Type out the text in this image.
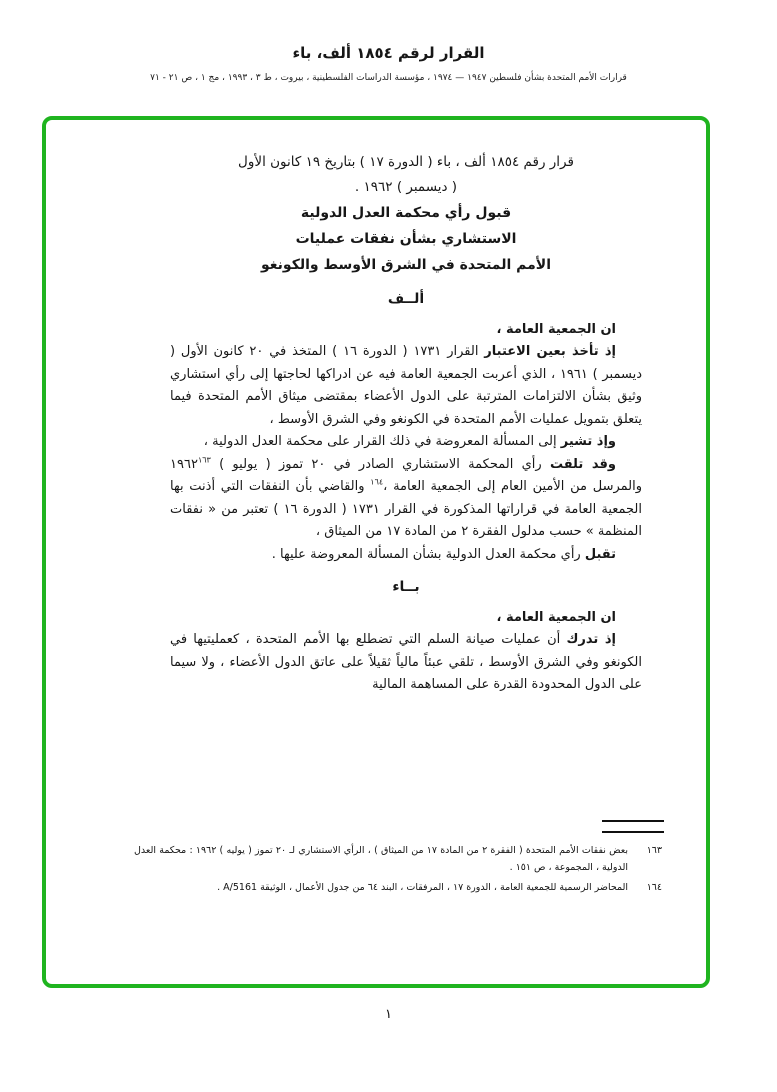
القرار لرقم ١٨٥٤ ألف، باء
قرارات الأمم المتحدة بشأن فلسطين ١٩٤٧ — ١٩٧٤ ، مؤسسة الدراسات الفلسطينية ، بيروت ، ط ٣ ، ١٩٩٣ ، مج ١ ، ص ٢١ - ٧١
قرار رقم ١٨٥٤ ألف ، باء ( الدورة ١٧ ) بتاريخ ١٩ كانون الأول
( ديسمبر ) ١٩٦٢ .
قبول رأي محكمة العدل الدولية
الاستشاري بشأن نفقات عمليات
الأمم المتحدة في الشرق الأوسط والكونغو
ألــف

ان الجمعية العامة ،

إذ تأخذ بعين الاعتبار القرار ١٧٣١ ( الدورة ١٦ ) المتخذ في ٢٠ كانون الأول ( ديسمبر ) ١٩٦١ ، الذي أعربت الجمعية العامة فيه عن ادراكها لحاجتها إلى رأي استشاري وثيق بشأن الالتزامات المترتبة على الدول الأعضاء بمقتضى ميثاق الأمم المتحدة فيما يتعلق بتمويل عمليات الأمم المتحدة في الكونغو وفي الشرق الأوسط ،

وإذ تشير إلى المسألة المعروضة في ذلك القرار على محكمة العدل الدولية ،

وقد تلقت رأي المحكمة الاستشاري الصادر في ٢٠ تموز ( يوليو ) ١٩٦٢$^{١٦٣}$ والمرسل من الأمين العام إلى الجمعية العامة ،$^{١٦٤}$ والقاضي بأن النفقات التي أذنت بها الجمعية العامة في قراراتها المذكورة في القرار ١٧٣١ ( الدورة ١٦ ) تعتبر من « نفقات المنظمة » حسب مدلول الفقرة ٢ من المادة ١٧ من الميثاق ،

تقبل رأي محكمة العدل الدولية بشأن المسألة المعروضة عليها .

بــاء

ان الجمعية العامة ،

إذ تدرك أن عمليات صيانة السلم التي تضطلع بها الأمم المتحدة ، كعمليتيها في الكونغو وفي الشرق الأوسط ، تلقي عبئاً مالياً ثقيلاً على عاتق الدول الأعضاء ، ولا سيما على الدول المحدودة القدرة على المساهمة المالية

١٦٣
بعض نفقات الأمم المتحدة ( الفقرة ٢ من المادة ١٧ من الميثاق ) ، الرأي الاستشاري لـ ٢٠ تموز ( يوليه ) ١٩٦٢ : محكمة العدل الدولية ، المجموعة ، ص ١٥١ .
١٦٤
المحاضر الرسمية للجمعية العامة ، الدورة ١٧ ، المرفقات ، البند ٦٤ من جدول الأعمال ، الوثيقة A/5161 .
١
